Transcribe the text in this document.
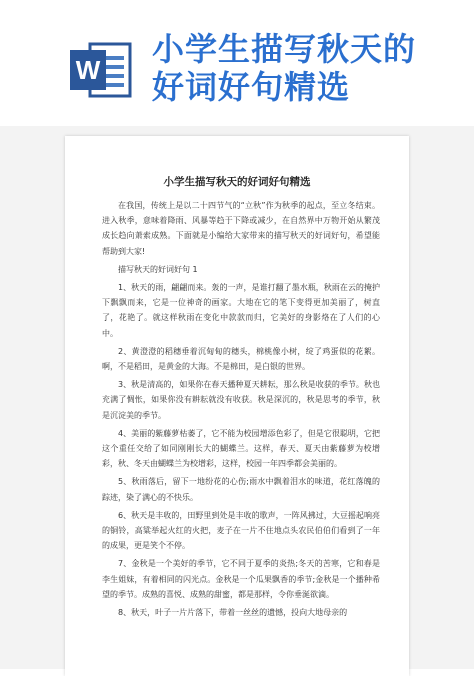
W
小学生描写秋天的
好词好句精选
小学生描写秋天的好词好句精选

在我国，传统上是以二十四节气的“立秋”作为秋季的起点，至立冬结束。进入秋季，意味着降雨、风暴等趋于下降或减少，在自然界中万物开始从繁茂成长趋向萧索成熟。下面就是小编给大家带来的描写秋天的好词好句，希望能帮助到大家!

描写秋天的好词好句 1

1、秋天的雨，翩翩而来。轰的一声，是谁打翻了墨水瓶，秋雨在云的掩护下飘飘而来，它是一位神奇的画家。大地在它的笔下变得更加美丽了，树直了，花艳了。就这样秋雨在变化中款款而归，它美好的身影烙在了人们的心中。

2、黄澄澄的稻穗垂着沉甸甸的穗头，棉桃像小树，绽了鸡蛋似的花絮。啊，不是稻田，是黄金的大海。不是棉田，是白银的世界。

3、秋是清高的，如果你在春天播种夏天耕耘，那么秋是收获的季节。秋也充满了惆怅，如果你没有耕耘就没有收获。秋是深沉的，秋是思考的季节，秋是沉淀美的季节。

4、美丽的紫藤萝枯萎了，它不能为校园增添色彩了，但是它很聪明，它把这个重任交给了如同刚刚长大的蝴蝶兰。这样，春天、夏天由紫藤萝为校增彩，秋、冬天由蝴蝶兰为校增彩，这样，校园一年四季都会美丽的。

5、秋雨落后，留下一地纷花的心伤;雨水中飘着泪水的味道，花红落魄的踪迹，染了满心的不快乐。

6、秋天是丰收的，田野里到处是丰收的歌声，一阵风拂过，大豆摇起响亮的铜铃，高粱举起火红的火把，麦子在一片不住地点头农民伯伯们看到了一年的成果，更是笑个不停。

7、金秋是一个美好的季节，它不同于夏季的炎热;冬天的苦寒，它和春是李生姐妹，有着相同的闪光点。金秋是一个瓜果飘香的季节;金秋是一个播种希望的季节。成熟的喜悦、成熟的甜蜜，都是那样，令你垂涎欲滴。

8、秋天，叶子一片片落下，带着一丝丝的遗憾，投向大地母亲的
